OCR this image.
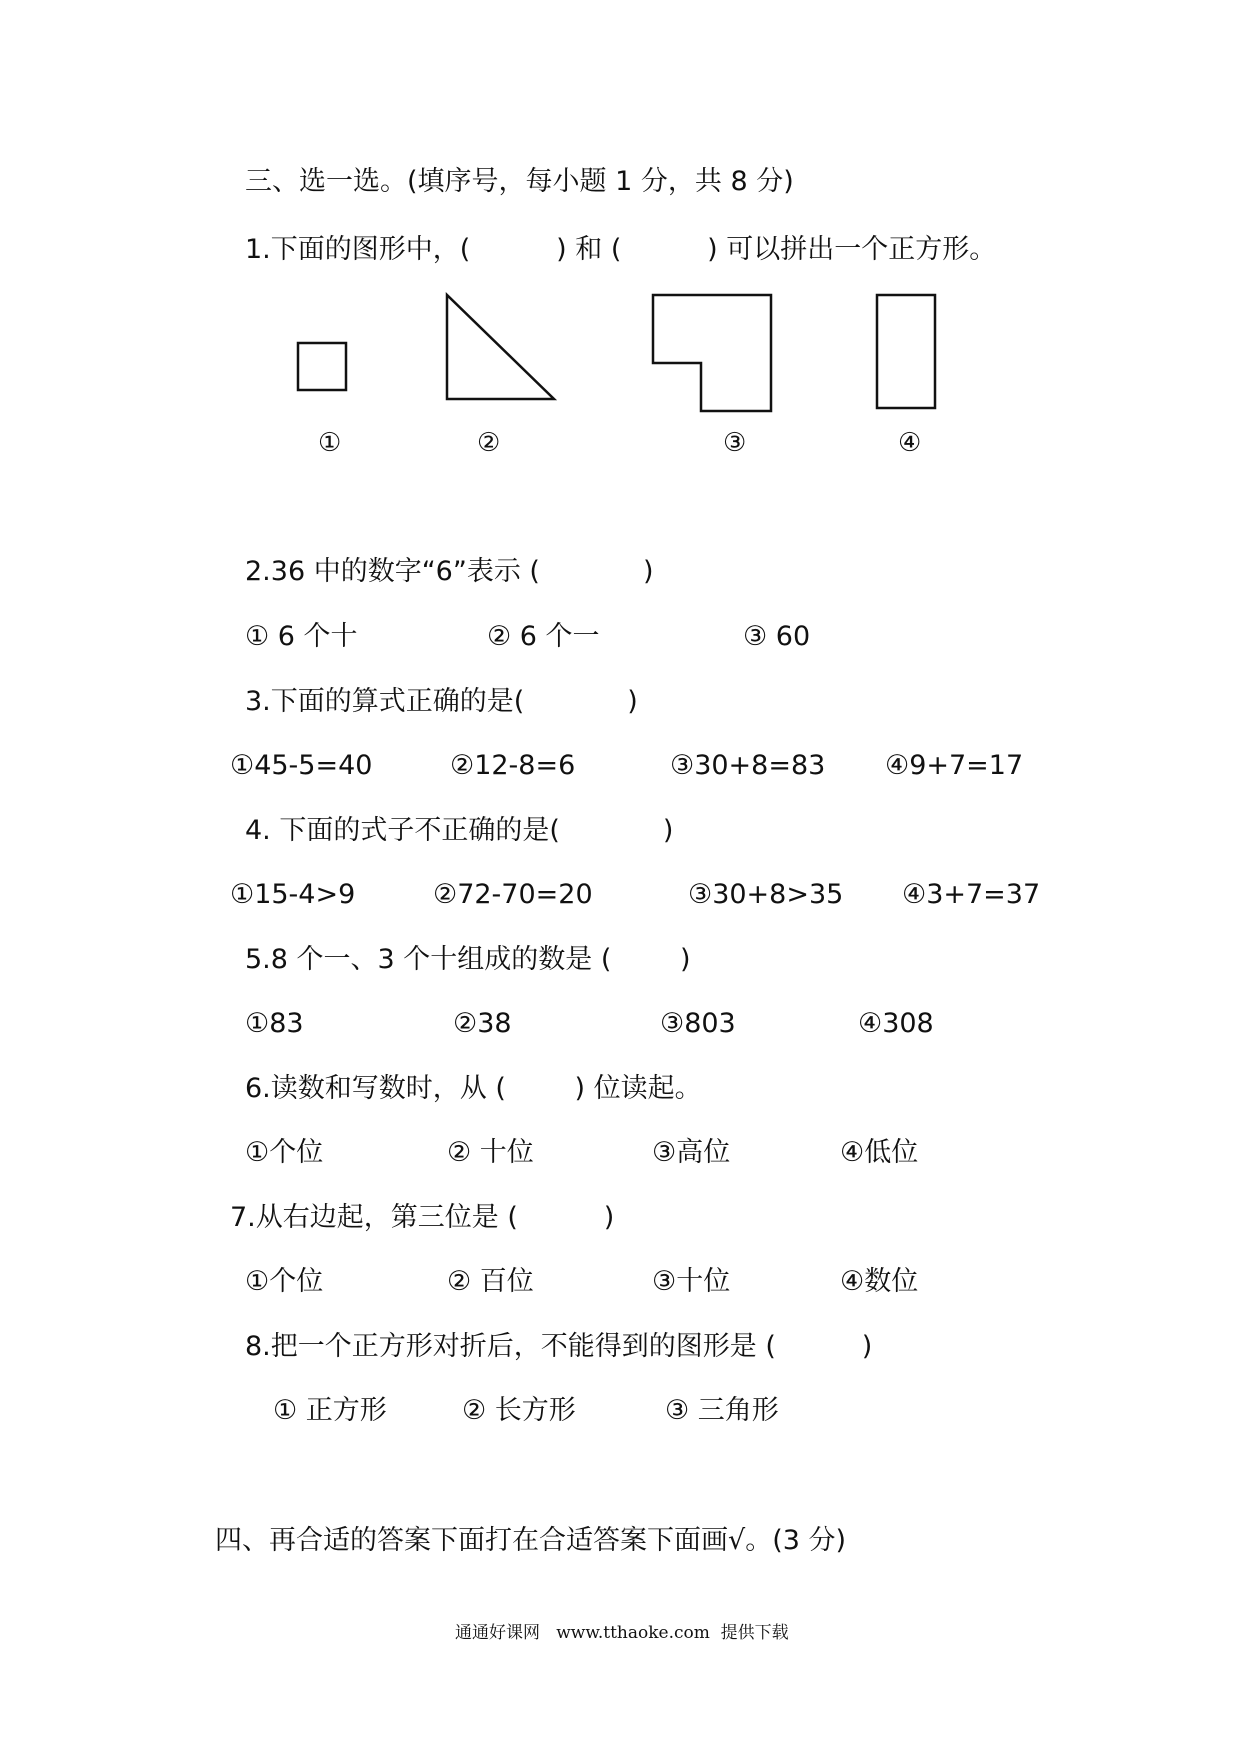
三、选一选。(填序号，每小题 1 分，共 8 分)
1.下面的图形中，(          ) 和 (          ) 可以拼出一个正方形。
①	②	③	④
2.36 中的数字“6”表示 (            )
① 6 个十	② 6 个一	③ 60
3.下面的算式正确的是(            )
①45-5=40	②12-8=6	③30+8=83 ④9+7=17
4. 下面的式子不正确的是(            )
①15-4>9	②72-70=20	③30+8>35 ④3+7=37
5.8 个一、3 个十组成的数是 (        )
①83	②38	③803	④308
6.读数和写数时，从 (        ) 位读起。
①个位	② 十位	③高位	④低位
7.从右边起，第三位是 (          )
①个位	② 百位	③十位	④数位
8.把一个正方形对折后，不能得到的图形是 (          )
① 正方形	② 长方形	③ 三角形
四、再合适的答案下面打在合适答案下面画√。(3 分)
通通好课网   www.tthaoke.com  提供下载
